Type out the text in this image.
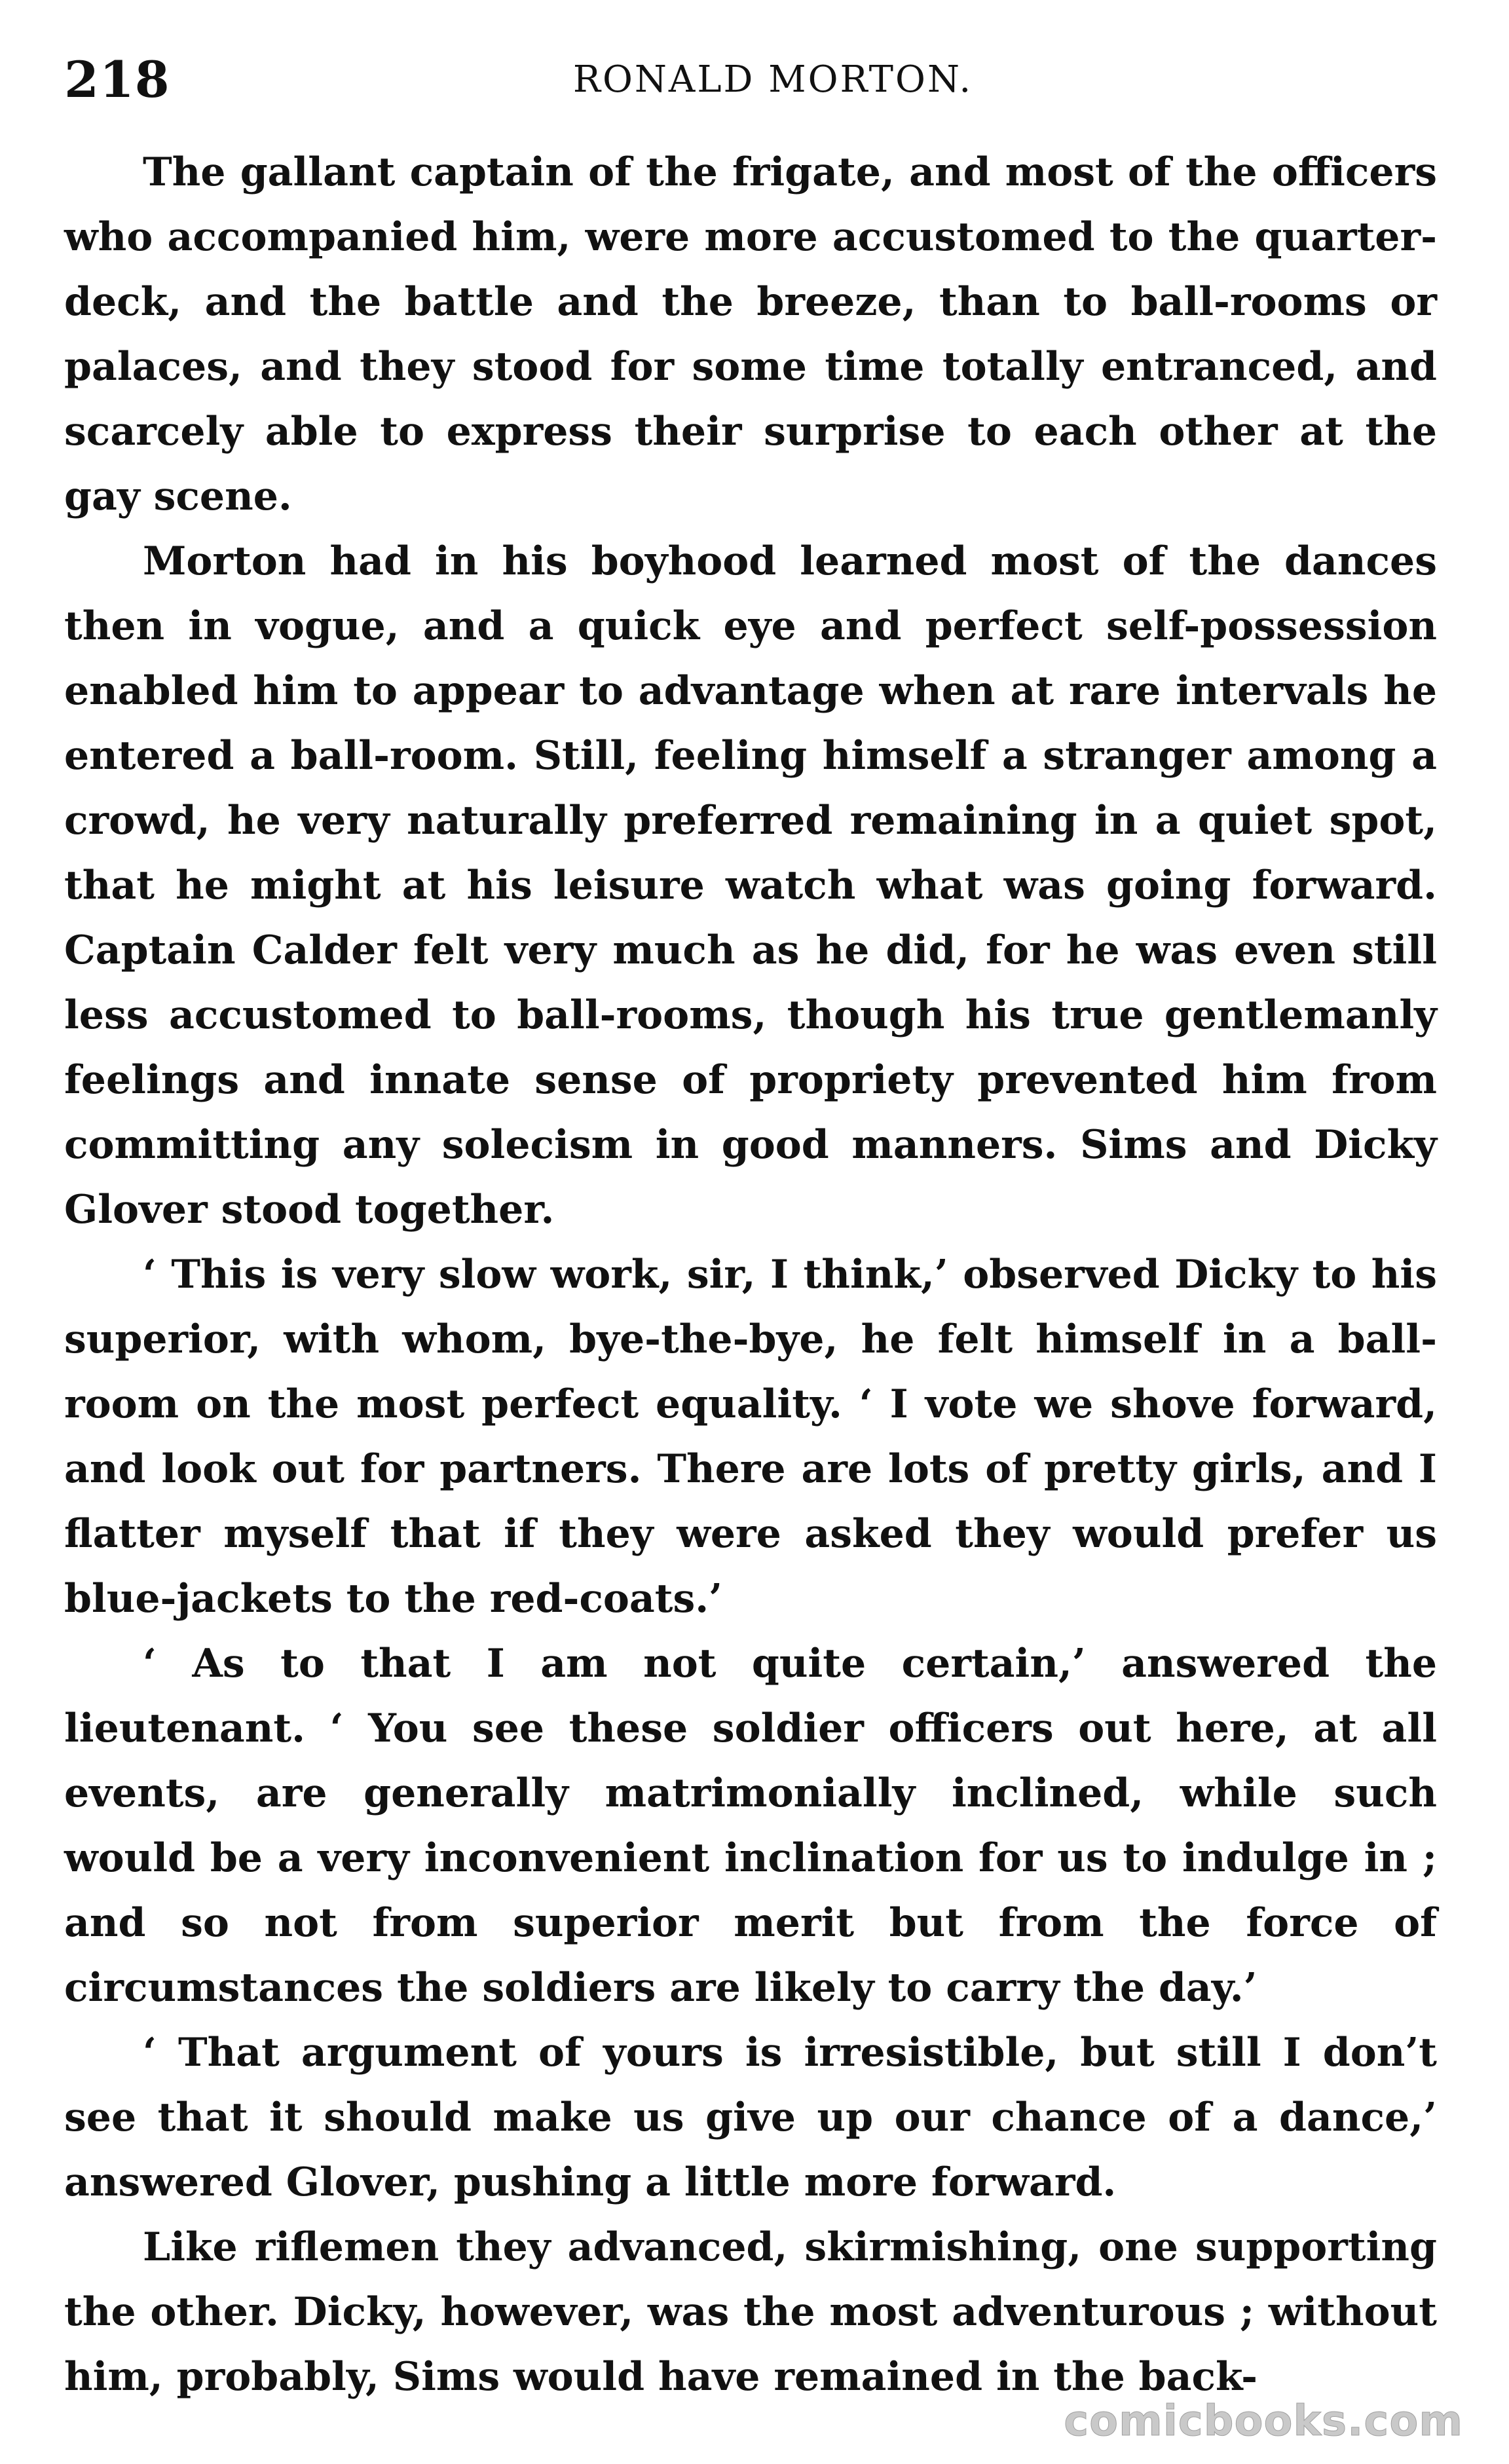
218	RONALD MORTON.

The gallant captain of the frigate, and most of the officers who accompanied him, were more accustomed to the quarter-deck, and the battle and the breeze, than to ball-rooms or palaces, and they stood for some time totally entranced, and scarcely able to express their surprise to each other at the gay scene.

Morton had in his boyhood learned most of the dances then in vogue, and a quick eye and perfect self-possession enabled him to appear to advantage when at rare intervals he entered a ball-room. Still, feeling himself a stranger among a crowd, he very naturally preferred remaining in a quiet spot, that he might at his leisure watch what was going forward. Captain Calder felt very much as he did, for he was even still less accustomed to ball-rooms, though his true gentlemanly feelings and innate sense of propriety prevented him from committing any solecism in good manners. Sims and Dicky Glover stood together.

‘ This is very slow work, sir, I think,’ observed Dicky to his superior, with whom, bye-the-bye, he felt himself in a ball-room on the most perfect equality. ‘ I vote we shove forward, and look out for partners. There are lots of pretty girls, and I flatter myself that if they were asked they would prefer us blue-jackets to the red-coats.’

‘ As to that I am not quite certain,’ answered the lieutenant. ‘ You see these soldier officers out here, at all events, are generally matrimonially inclined, while such would be a very inconvenient inclination for us to indulge in ; and so not from superior merit but from the force of circumstances the soldiers are likely to carry the day.’

‘ That argument of yours is irresistible, but still I don’t see that it should make us give up our chance of a dance,’ answered Glover, pushing a little more forward.

Like riflemen they advanced, skirmishing, one supporting the other. Dicky, however, was the most adventurous ; without him, probably, Sims would have remained in the back-

comicbooks.com
